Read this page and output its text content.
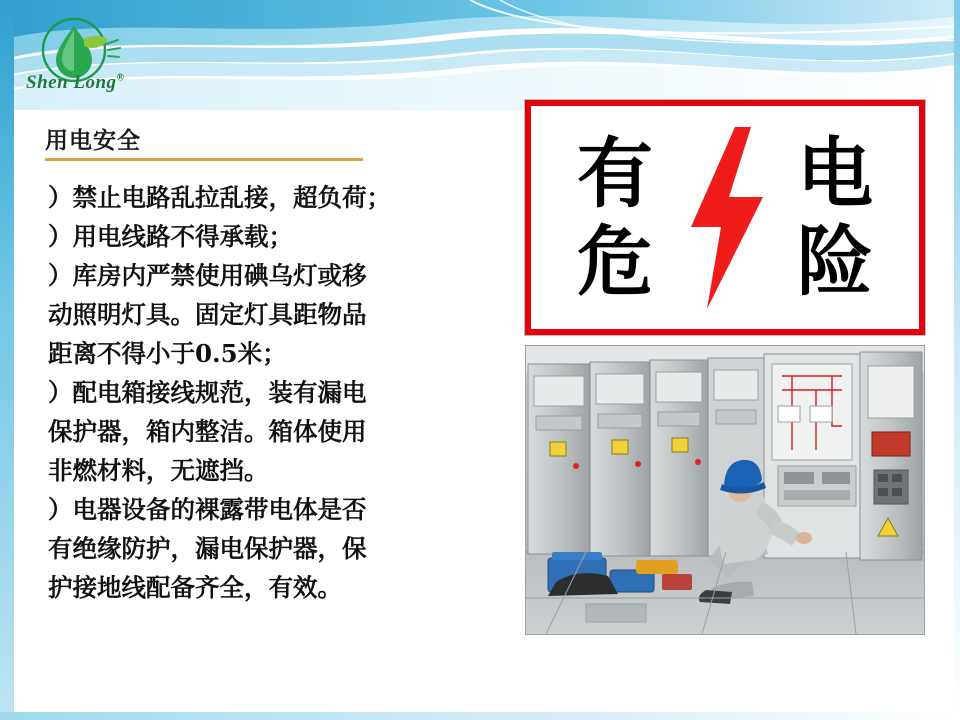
Shen Long®
用电安全

）禁止电路乱拉乱接，超负荷；

）用电线路不得承载；

）库房内严禁使用碘乌灯或移

动照明灯具。固定灯具距物品

距离不得小于0.5米；

）配电箱接线规范，装有漏电

保护器，箱内整洁。箱体使用

非燃材料，无遮挡。

）电器设备的裸露带电体是否

有绝缘防护，漏电保护器，保

护接地线配备齐全，有效。

有危
电险
